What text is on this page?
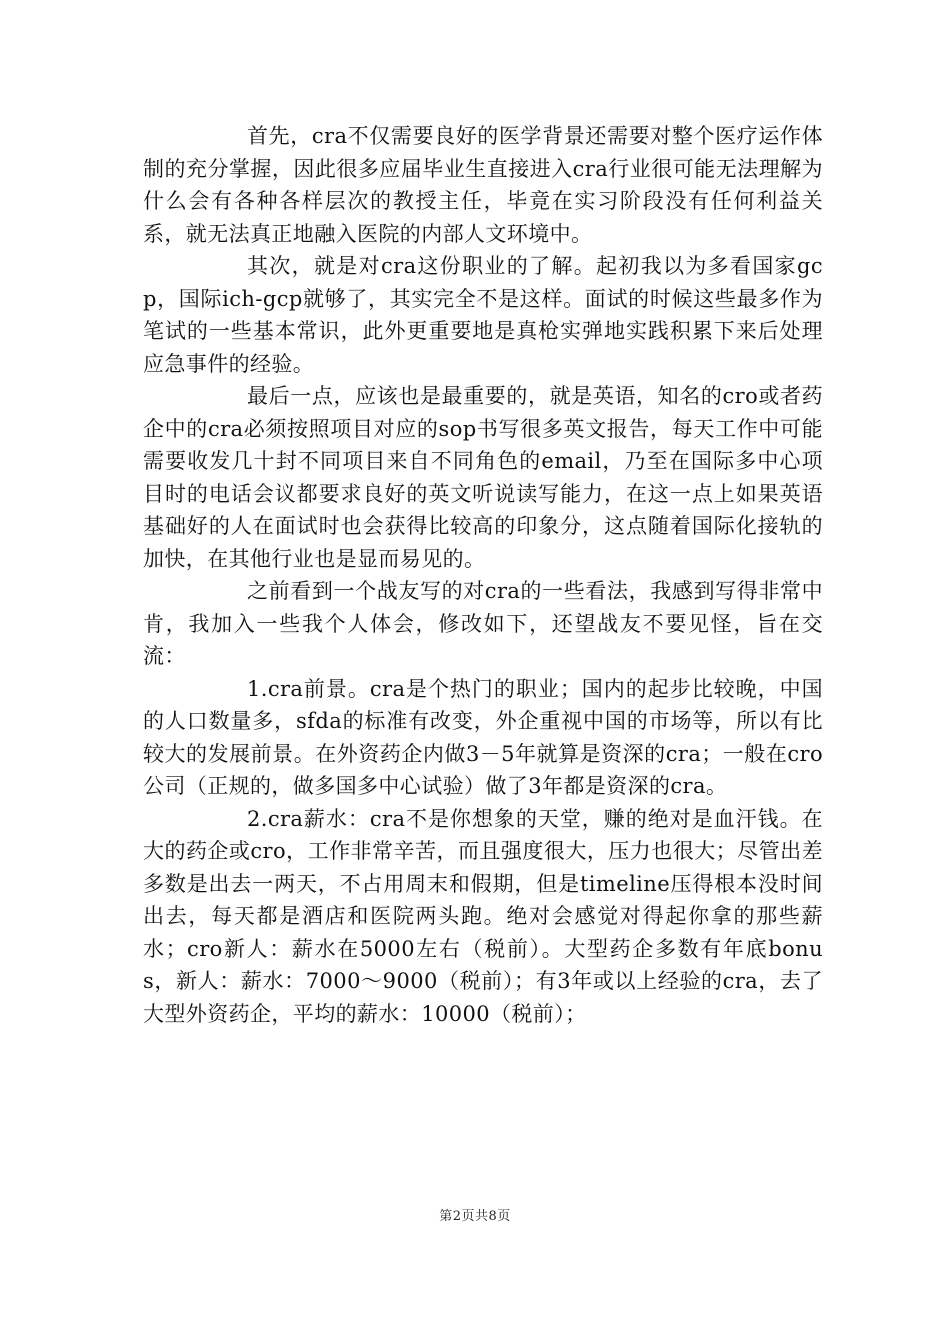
首先，cra不仅需要良好的医学背景还需要对整个医疗运作体制的充分掌握，因此很多应届毕业生直接进入cra行业很可能无法理解为什么会有各种各样层次的教授主任，毕竟在实习阶段没有任何利益关系，就无法真正地融入医院的内部人文环境中。

其次，就是对cra这份职业的了解。起初我以为多看国家gcp，国际ich-gcp就够了，其实完全不是这样。面试的时候这些最多作为笔试的一些基本常识，此外更重要地是真枪实弹地实践积累下来后处理应急事件的经验。

最后一点，应该也是最重要的，就是英语，知名的cro或者药企中的cra必须按照项目对应的sop书写很多英文报告，每天工作中可能需要收发几十封不同项目来自不同角色的email，乃至在国际多中心项目时的电话会议都要求良好的英文听说读写能力，在这一点上如果英语基础好的人在面试时也会获得比较高的印象分，这点随着国际化接轨的加快，在其他行业也是显而易见的。

之前看到一个战友写的对cra的一些看法，我感到写得非常中肯，我加入一些我个人体会，修改如下，还望战友不要见怪，旨在交流：

1.cra前景。cra是个热门的职业；国内的起步比较晚，中国的人口数量多，sfda的标准有改变，外企重视中国的市场等，所以有比较大的发展前景。在外资药企内做3－5年就算是资深的cra；一般在cro公司（正规的，做多国多中心试验）做了3年都是资深的cra。

2.cra薪水：cra不是你想象的天堂，赚的绝对是血汗钱。在大的药企或cro，工作非常辛苦，而且强度很大，压力也很大；尽管出差多数是出去一两天，不占用周末和假期，但是timeline压得根本没时间出去，每天都是酒店和医院两头跑。绝对会感觉对得起你拿的那些薪水；cro新人：薪水在5000左右（税前）。大型药企多数有年底bonus，新人：薪水：7000～9000（税前）；有3年或以上经验的cra，去了大型外资药企，平均的薪水：10000（税前）；

第2页共8页
